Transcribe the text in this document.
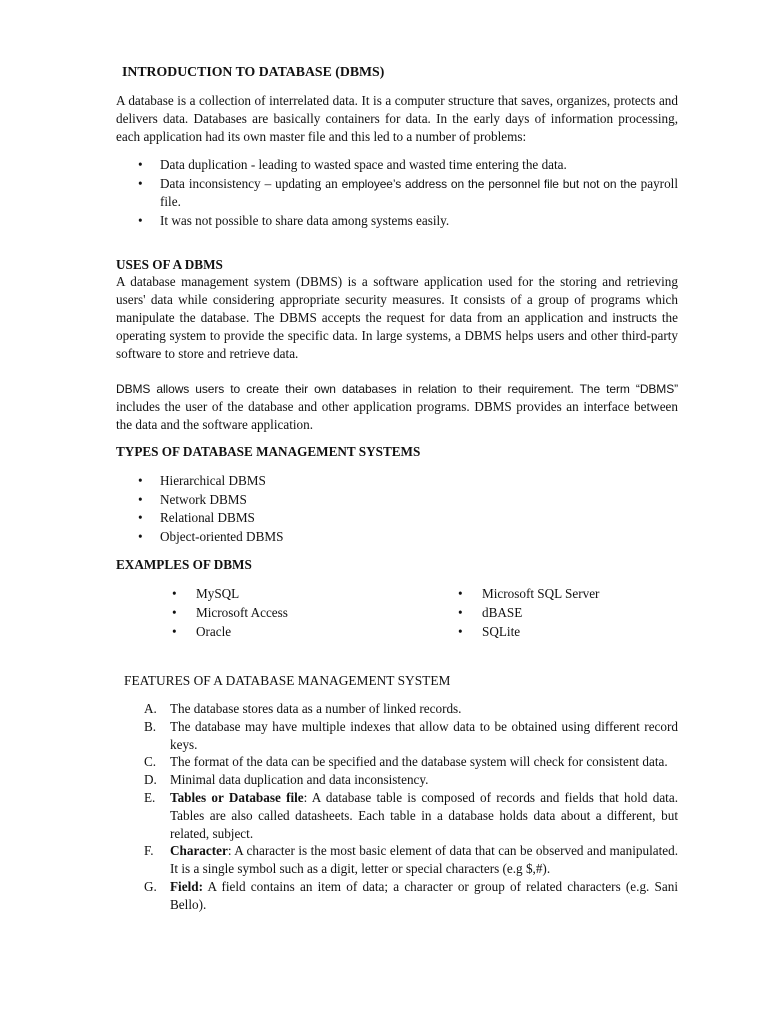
INTRODUCTION TO DATABASE (DBMS)

A database is a collection of interrelated data. It is a computer structure that saves, organizes, protects and delivers data. Databases are basically containers for data. In the early days of information processing, each application had its own master file and this led to a number of problems:

• Data duplication - leading to wasted space and wasted time entering the data.
• Data inconsistency – updating an employee’s address on the personnel file but not on the payroll file.
• It was not possible to share data among systems easily.
USES OF A DBMS

A database management system (DBMS) is a software application used for the storing and retrieving users' data while considering appropriate security measures. It consists of a group of programs which manipulate the database. The DBMS accepts the request for data from an application and instructs the operating system to provide the specific data. In large systems, a DBMS helps users and other third-party software to store and retrieve data.

DBMS allows users to create their own databases in relation to their requirement. The term “DBMS” includes the user of the database and other application programs. DBMS provides an interface between the data and the software application.

TYPES OF DATABASE MANAGEMENT SYSTEMS
• Hierarchical DBMS
• Network DBMS
• Relational DBMS
• Object-oriented DBMS
EXAMPLES OF DBMS
• MySQL
• Microsoft Access
• Oracle
• Microsoft SQL Server
• dBASE
• SQLite
FEATURES OF A DATABASE MANAGEMENT SYSTEM
A. The database stores data as a number of linked records.
B. The database may have multiple indexes that allow data to be obtained using different record keys.
C. The format of the data can be specified and the database system will check for consistent data.
D. Minimal data duplication and data inconsistency.
E. Tables or Database file: A database table is composed of records and fields that hold data. Tables are also called datasheets. Each table in a database holds data about a different, but related, subject.
F. Character: A character is the most basic element of data that can be observed and manipulated. It is a single symbol such as a digit, letter or special characters (e.g $,#).
G. Field: A field contains an item of data; a character or group of related characters (e.g. Sani Bello).
